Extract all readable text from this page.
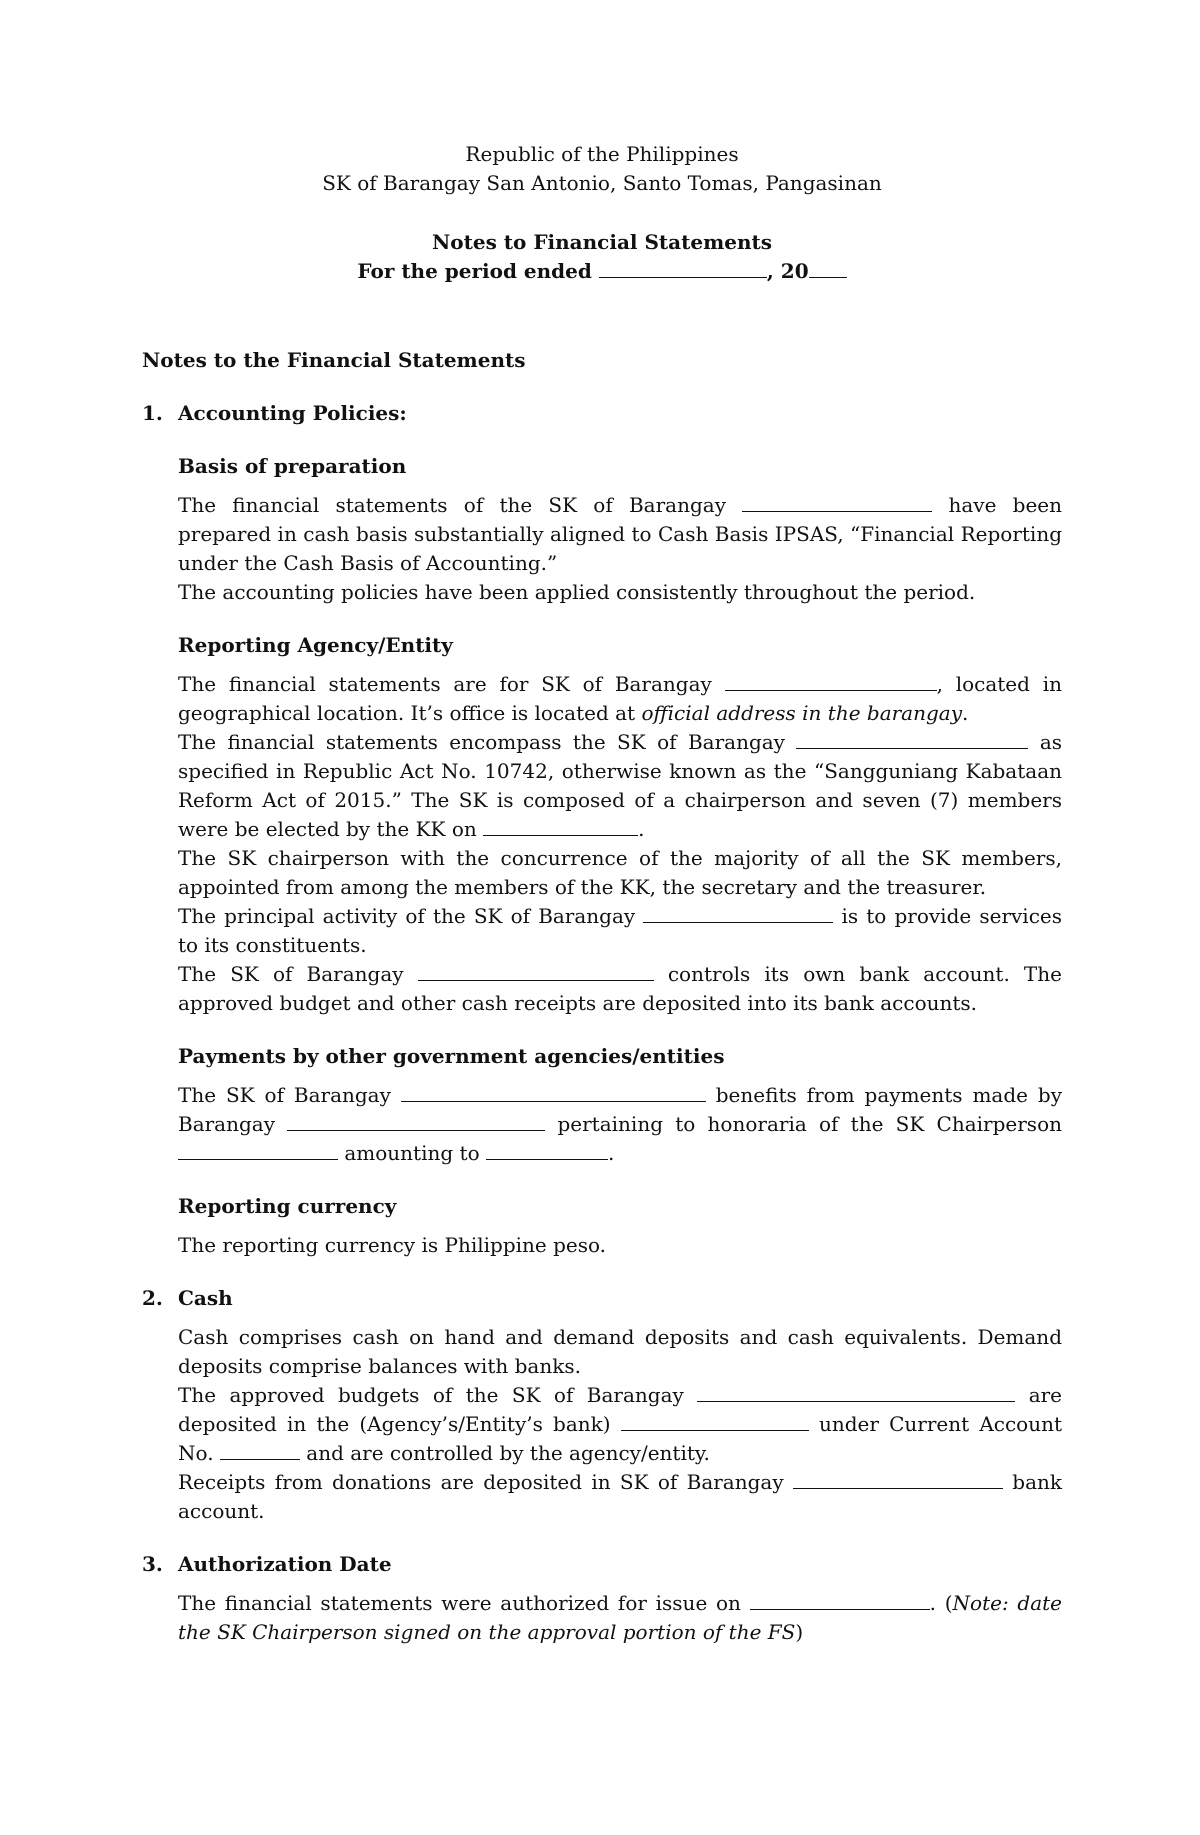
Republic of the Philippines
SK of Barangay San Antonio, Santo Tomas, Pangasinan
Notes to Financial Statements
For the period ended	, 20
Notes to the Financial Statements
1. Accounting Policies:
Basis of preparation
The financial statements of the SK of Barangay	have been prepared in cash basis substantially aligned to Cash Basis IPSAS, “Financial Reporting under the Cash Basis of Accounting.”
The accounting policies have been applied consistently throughout the period.
Reporting Agency/Entity
The financial statements are for SK of Barangay	, located in geographical location. It’s office is located at official address in the barangay.
The financial statements encompass the SK of Barangay	as specified in Republic Act No. 10742, otherwise known as the “Sangguniang Kabataan Reform Act of 2015.” The SK is composed of a chairperson and seven (7) members were be elected by the KK on	.
The SK chairperson with the concurrence of the majority of all the SK members, appointed from among the members of the KK, the secretary and the treasurer.
The principal activity of the SK of Barangay	is to provide services to its constituents.
The SK of Barangay	controls its own bank account. The approved budget and other cash receipts are deposited into its bank accounts.
Payments by other government agencies/entities
The SK of Barangay	benefits from payments made by Barangay	pertaining to honoraria of the SK Chairperson  amounting to	.
Reporting currency
The reporting currency is Philippine peso.
2. Cash
Cash comprises cash on hand and demand deposits and cash equivalents. Demand deposits comprise balances with banks.
The approved budgets of the SK of Barangay	are deposited in the (Agency’s/Entity’s bank)	under Current Account No.	and are controlled by the agency/entity.
Receipts from donations are deposited in SK of Barangay	bank account.
3. Authorization Date
The financial statements were authorized for issue on	. (Note: date the SK Chairperson signed on the approval portion of the FS)
